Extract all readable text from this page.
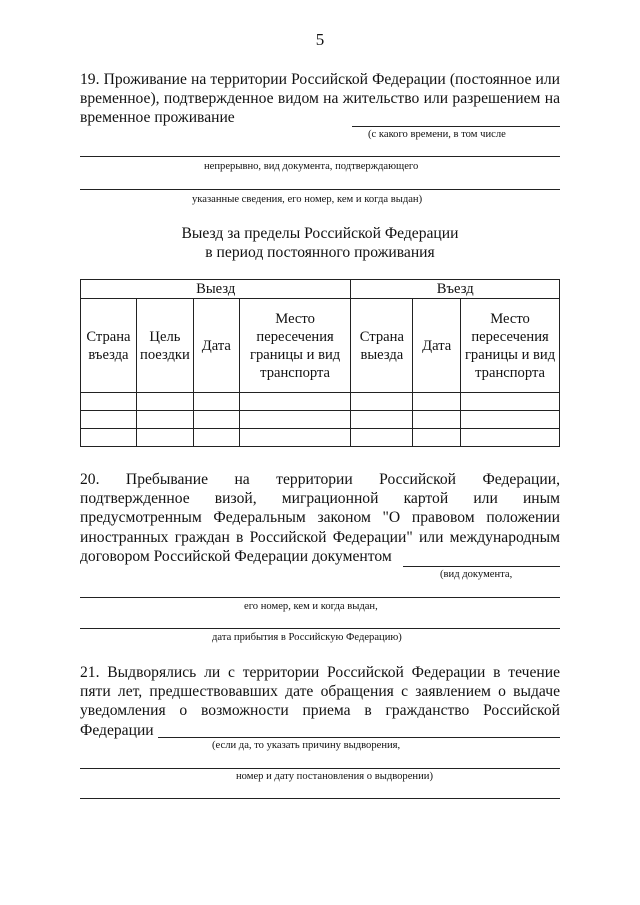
5
19. Проживание на территории Российской Федерации (постоянное или временное), подтвержденное видом на жительство или разрешением на временное проживание
(с какого времени, в том числе
непрерывно, вид документа, подтверждающего
указанные сведения, его номер, кем и когда выдан)
Выезд за пределы Российской Федерации
в период постоянного проживания
Выезд				Въезд		
Страна въезда	Цель поездки	Дата	Место пересечения границы и вид транспорта	Страна выезда	Дата	Место пересечения границы и вид транспорта

20. Пребывание на территории Российской Федерации, подтвержденное визой, миграционной картой или иным предусмотренным Федеральным законом "О правовом положении иностранных граждан в Российской Федерации" или международным договором Российской Федерации документом
(вид документа,
его номер, кем и когда выдан,
дата прибытия в Российскую Федерацию)
21. Выдворялись ли с территории Российской Федерации в течение пяти лет, предшествовавших дате обращения с заявлением о выдаче уведомления о возможности приема в гражданство Российской Федерации
(если да, то указать причину выдворения,
номер и дату постановления о выдворении)
